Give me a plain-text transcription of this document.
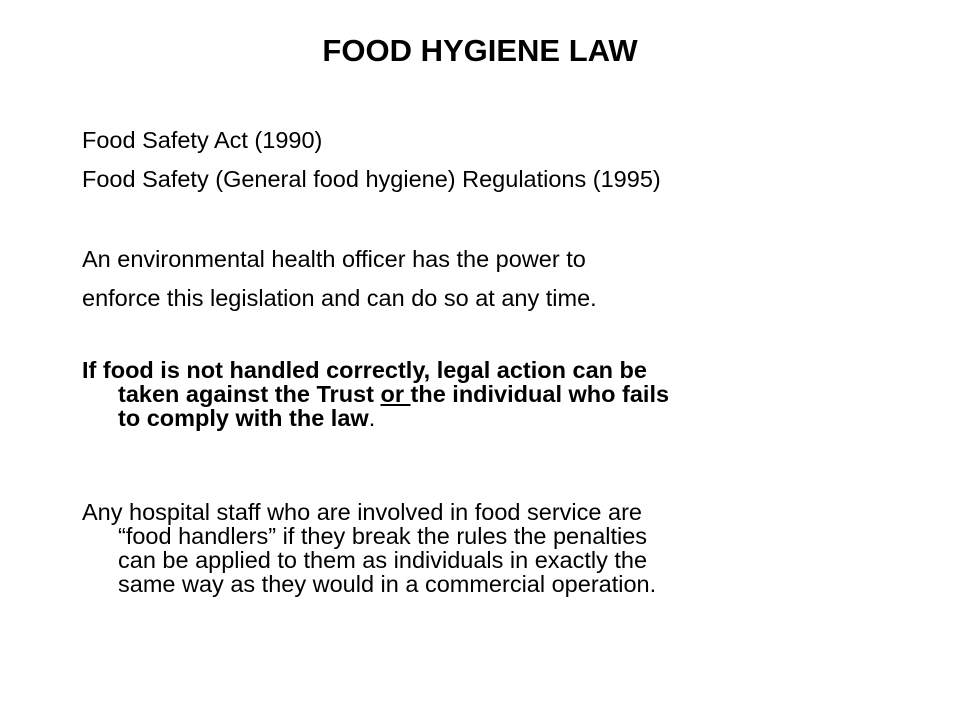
FOOD HYGIENE LAW
Food Safety Act (1990)
Food Safety (General food hygiene) Regulations (1995)
An environmental health officer has the power to
enforce this legislation and can do so at any time.
If food is not handled correctly, legal action can be
taken against the Trust or the individual who fails
to comply with the law.
Any hospital staff who are involved in food service are
“food handlers” if they break the rules the penalties
can be applied to them as individuals in exactly the
same way as they would in a commercial operation.
